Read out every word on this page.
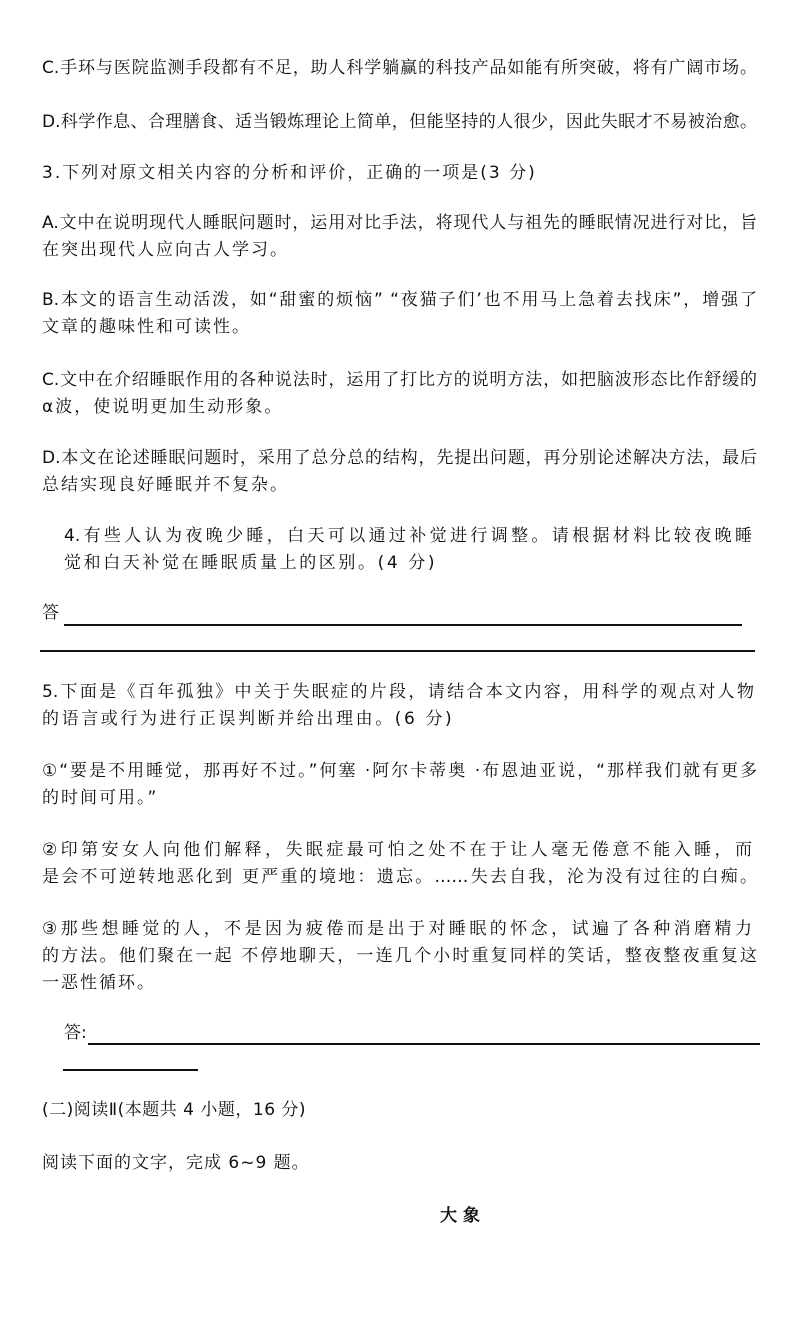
C.手环与医院监测手段都有不足，助人科学躺赢的科技产品如能有所突破，将有广阔市场。
D.科学作息、合理膳食、适当锻炼理论上简单，但能坚持的人很少，因此失眠才不易被治愈。
3.下列对原文相关内容的分析和评价，正确的一项是(3 分)
A.文中在说明现代人睡眠问题时，运用对比手法，将现代人与祖先的睡眠情况进行对比，旨
在突出现代人应向古人学习。
B.本文的语言生动活泼，如“甜蜜的烦恼” “夜猫子们’也不用马上急着去找床”，增强了
文章的趣味性和可读性。
C.文中在介绍睡眠作用的各种说法时，运用了打比方的说明方法，如把脑波形态比作舒缓的
α波，使说明更加生动形象。
D.本文在论述睡眠问题时，采用了总分总的结构，先提出问题，再分别论述解决方法，最后
总结实现良好睡眠并不复杂。
4.有些人认为夜晚少睡，白天可以通过补觉进行调整。请根据材料比较夜晚睡
觉和白天补觉在睡眠质量上的区别。(4 分)
答
5.下面是《百年孤独》中关于失眠症的片段，请结合本文内容，用科学的观点对人物
的语言或行为进行正误判断并给出理由。(6 分)
①“要是不用睡觉，那再好不过。”何塞 ·阿尔卡蒂奥 ·布恩迪亚说，“那样我们就有更多
的时间可用。”
②印第安女人向他们解释，失眠症最可怕之处不在于让人毫无倦意不能入睡，而
是会不可逆转地恶化到 更严重的境地：遗忘。……失去自我，沦为没有过往的白痴。
③那些想睡觉的人，不是因为疲倦而是出于对睡眠的怀念，试遍了各种消磨精力
的方法。他们聚在一起 不停地聊天，一连几个小时重复同样的笑话，整夜整夜重复这
一恶性循环。
答:
(二)阅读Ⅱ(本题共 4 小题，16 分)
阅读下面的文字，完成 6~9 题。
大 象
